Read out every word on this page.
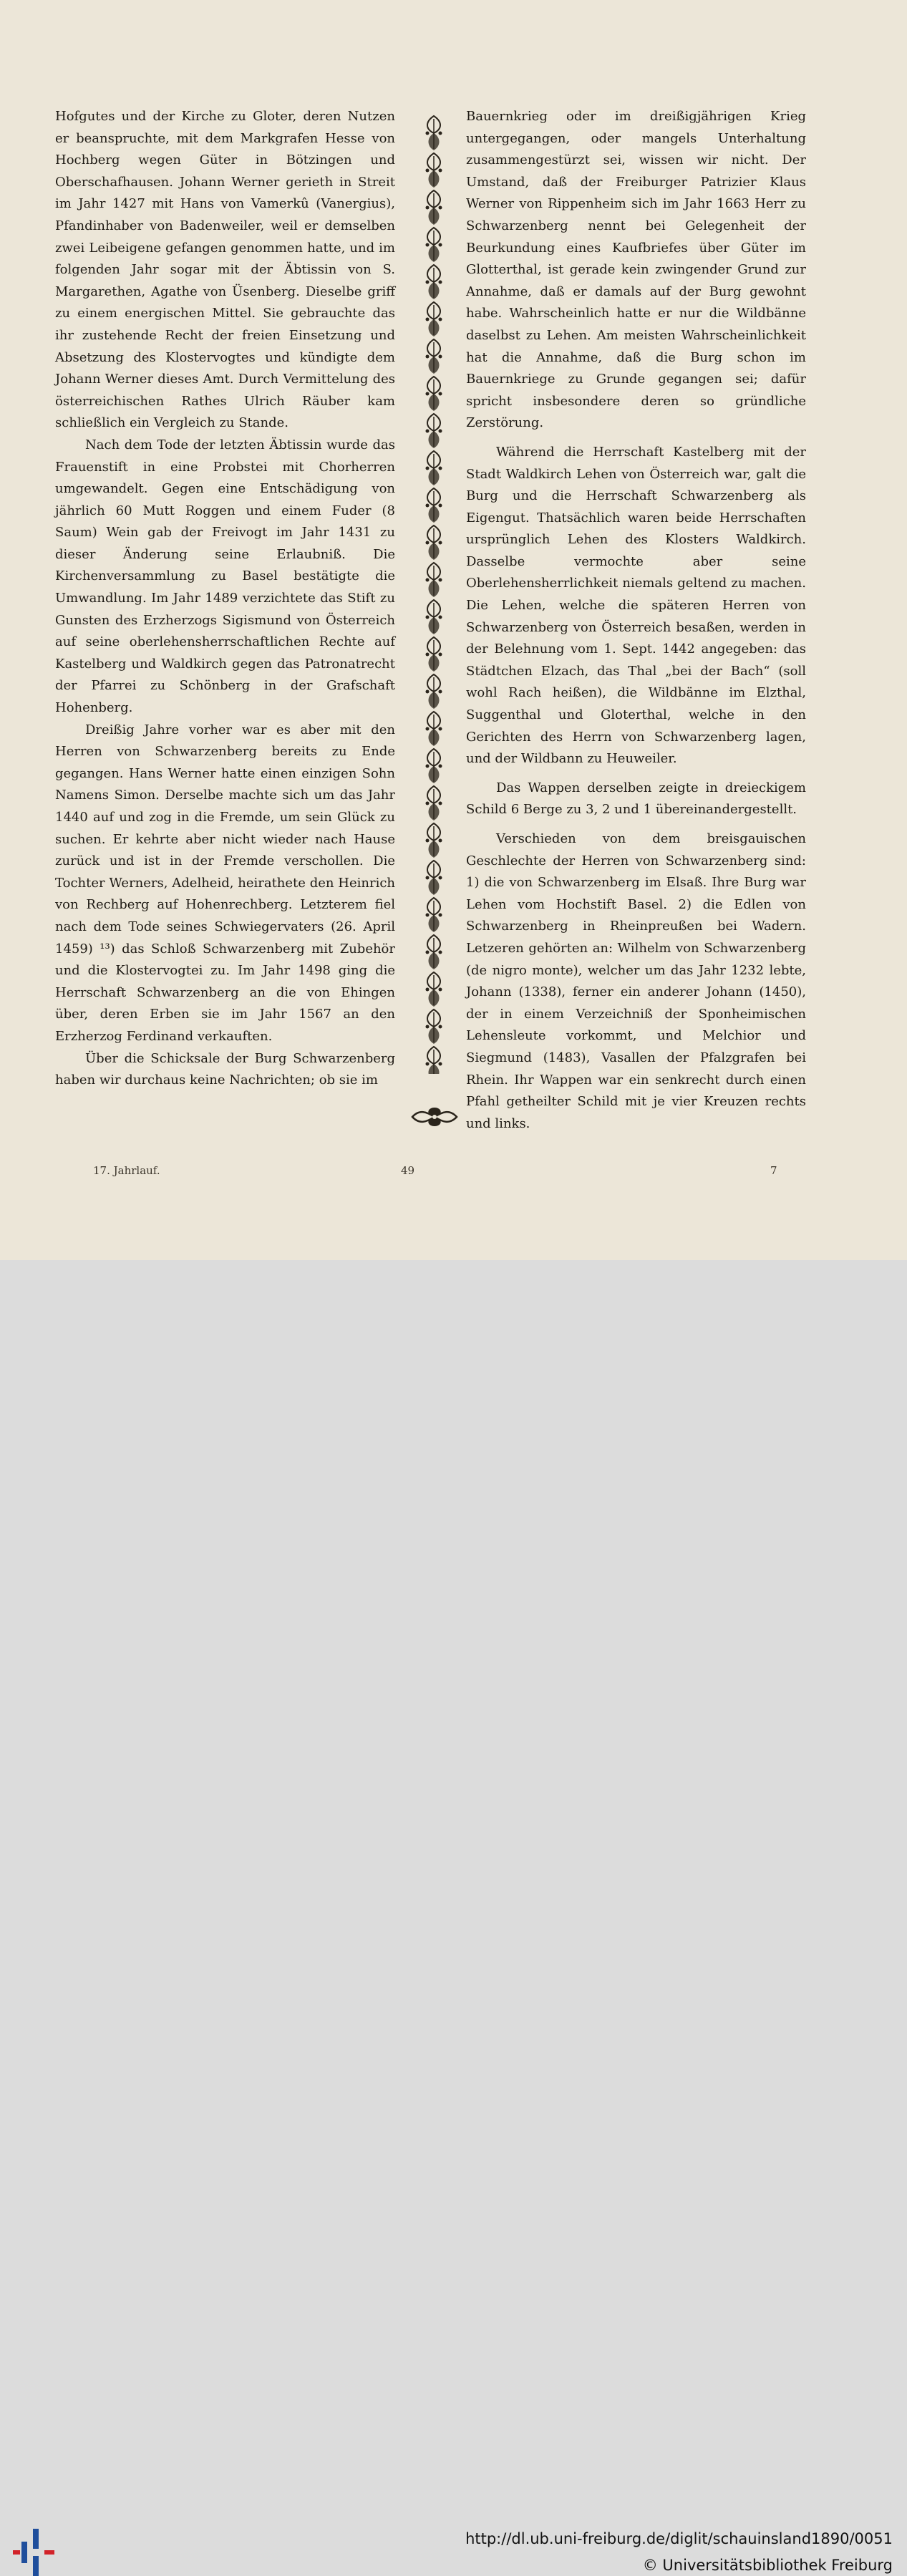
Hofgutes und der Kirche zu Gloter, deren Nutzen er beanspruchte, mit dem Markgrafen Hesse von Hochberg wegen Güter in Bötzingen und Oberschafhausen. Johann Werner gerieth in Streit im Jahr 1427 mit Hans von Vamerkû (Vanergius), Pfandinhaber von Badenweiler, weil er demselben zwei Leibeigene gefangen genommen hatte, und im folgenden Jahr sogar mit der Äbtissin von S. Margarethen, Agathe von Üsenberg. Dieselbe griff zu einem energischen Mittel. Sie gebrauchte das ihr zustehende Recht der freien Einsetzung und Absetzung des Klostervogtes und kündigte dem Johann Werner dieses Amt. Durch Vermittelung des österreichischen Rathes Ulrich Räuber kam schließlich ein Vergleich zu Stande.

Nach dem Tode der letzten Äbtissin wurde das Frauenstift in eine Probstei mit Chorherren umgewandelt. Gegen eine Entschädigung von jährlich 60 Mutt Roggen und einem Fuder (8 Saum) Wein gab der Freivogt im Jahr 1431 zu dieser Änderung seine Erlaubniß. Die Kirchenversammlung zu Basel bestätigte die Umwandlung. Im Jahr 1489 verzichtete das Stift zu Gunsten des Erzherzogs Sigismund von Österreich auf seine oberlehensherrschaftlichen Rechte auf Kastelberg und Waldkirch gegen das Patronatrecht der Pfarrei zu Schönberg in der Grafschaft Hohenberg.

Dreißig Jahre vorher war es aber mit den Herren von Schwarzenberg bereits zu Ende gegangen. Hans Werner hatte einen einzigen Sohn Namens Simon. Derselbe machte sich um das Jahr 1440 auf und zog in die Fremde, um sein Glück zu suchen. Er kehrte aber nicht wieder nach Hause zurück und ist in der Fremde verschollen. Die Tochter Werners, Adelheid, heirathete den Heinrich von Rechberg auf Hohenrechberg. Letzterem fiel nach dem Tode seines Schwiegervaters (26. April 1459) ¹³) das Schloß Schwarzenberg mit Zubehör und die Klostervogtei zu. Im Jahr 1498 ging die Herrschaft Schwarzenberg an die von Ehingen über, deren Erben sie im Jahr 1567 an den Erzherzog Ferdinand verkauften.

Über die Schicksale der Burg Schwarzenberg haben wir durchaus keine Nachrichten; ob sie im

Bauernkrieg oder im dreißigjährigen Krieg untergegangen, oder mangels Unterhaltung zusammengestürzt sei, wissen wir nicht. Der Umstand, daß der Freiburger Patrizier Klaus Werner von Rippenheim sich im Jahr 1663 Herr zu Schwarzenberg nennt bei Gelegenheit der Beurkundung eines Kaufbriefes über Güter im Glotterthal, ist gerade kein zwingender Grund zur Annahme, daß er damals auf der Burg gewohnt habe. Wahrscheinlich hatte er nur die Wildbänne daselbst zu Lehen. Am meisten Wahrscheinlichkeit hat die Annahme, daß die Burg schon im Bauernkriege zu Grunde gegangen sei; dafür spricht insbesondere deren so gründliche Zerstörung.

Während die Herrschaft Kastelberg mit der Stadt Waldkirch Lehen von Österreich war, galt die Burg und die Herrschaft Schwarzenberg als Eigengut. Thatsächlich waren beide Herrschaften ursprünglich Lehen des Klosters Waldkirch. Dasselbe vermochte aber seine Oberlehensherrlichkeit niemals geltend zu machen. Die Lehen, welche die späteren Herren von Schwarzenberg von Österreich besaßen, werden in der Belehnung vom 1. Sept. 1442 angegeben: das Städtchen Elzach, das Thal „bei der Bach“ (soll wohl Rach heißen), die Wildbänne im Elzthal, Suggenthal und Gloterthal, welche in den Gerichten des Herrn von Schwarzenberg lagen, und der Wildbann zu Heuweiler.

Das Wappen derselben zeigte in dreieckigem Schild 6 Berge zu 3, 2 und 1 übereinandergestellt.

Verschieden von dem breisgauischen Geschlechte der Herren von Schwarzenberg sind: 1) die von Schwarzenberg im Elsaß. Ihre Burg war Lehen vom Hochstift Basel. 2) die Edlen von Schwarzenberg in Rheinpreußen bei Wadern. Letzeren gehörten an: Wilhelm von Schwarzenberg (de nigro monte), welcher um das Jahr 1232 lebte, Johann (1338), ferner ein anderer Johann (1450), der in einem Verzeichniß der Sponheimischen Lehensleute vorkommt, und Melchior und Siegmund (1483), Vasallen der Pfalzgrafen bei Rhein. Ihr Wappen war ein senkrecht durch einen Pfahl getheilter Schild mit je vier Kreuzen rechts und links.

17. Jahrlauf.	49	7
http://dl.ub.uni-freiburg.de/diglit/schauinsland1890/0051
© Universitätsbibliothek Freiburg
